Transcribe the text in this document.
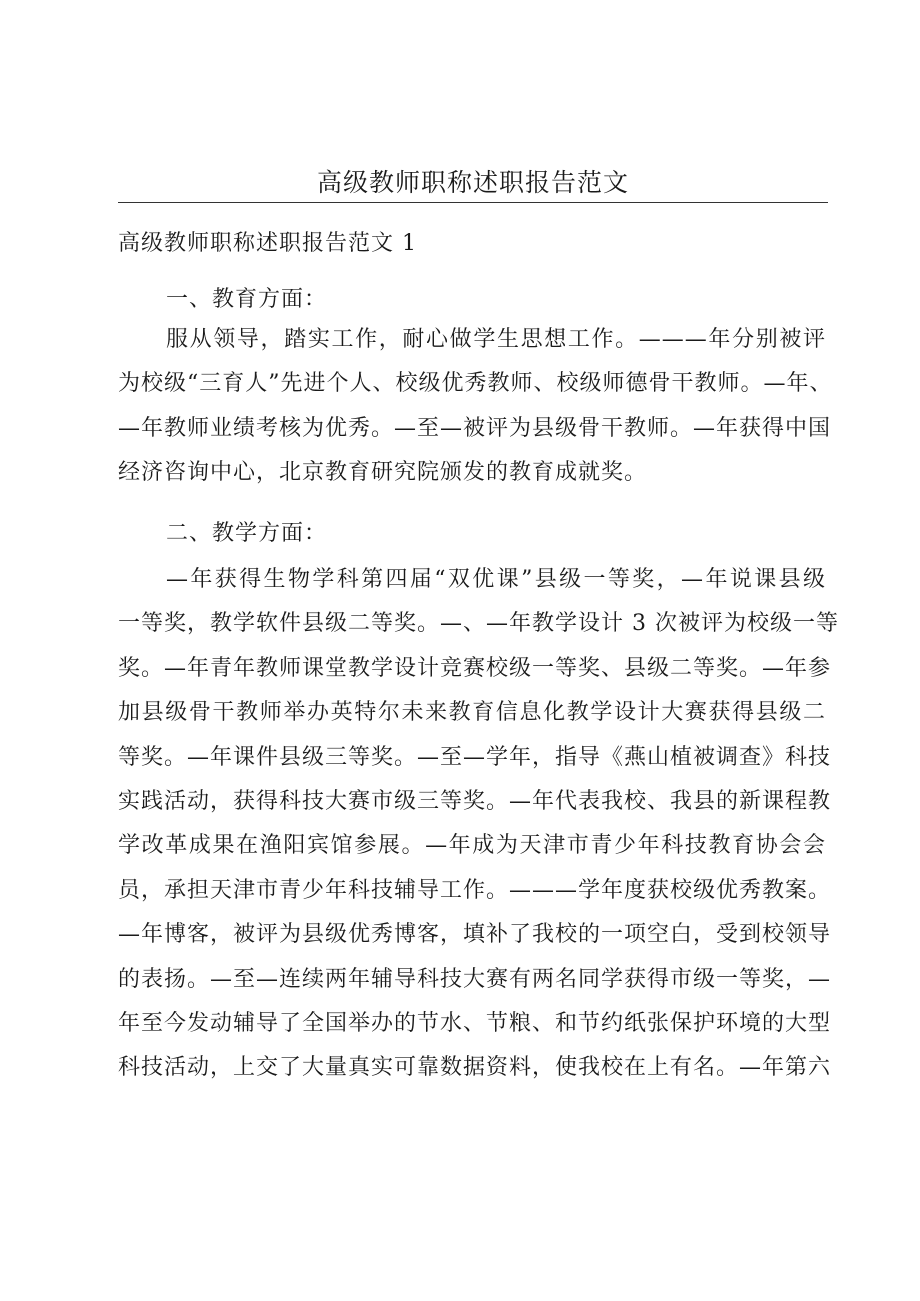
高级教师职称述职报告范文
高级教师职称述职报告范文 1
一、教育方面：
服从领导，踏实工作，耐心做学生思想工作。———年分别被评
为校级“三育人”先进个人、校级优秀教师、校级师德骨干教师。—年、
—年教师业绩考核为优秀。—至—被评为县级骨干教师。—年获得中国
经济咨询中心，北京教育研究院颁发的教育成就奖。
二、教学方面：
—年获得生物学科第四届“双优课”县级一等奖，—年说课县级
一等奖，教学软件县级二等奖。—、—年教学设计 3 次被评为校级一等
奖。—年青年教师课堂教学设计竞赛校级一等奖、县级二等奖。—年参
加县级骨干教师举办英特尔未来教育信息化教学设计大赛获得县级二
等奖。—年课件县级三等奖。—至—学年，指导《燕山植被调查》科技
实践活动，获得科技大赛市级三等奖。—年代表我校、我县的新课程教
学改革成果在渔阳宾馆参展。—年成为天津市青少年科技教育协会会
员，承担天津市青少年科技辅导工作。———学年度获校级优秀教案。
—年博客，被评为县级优秀博客，填补了我校的一项空白，受到校领导
的表扬。—至—连续两年辅导科技大赛有两名同学获得市级一等奖，—
年至今发动辅导了全国举办的节水、节粮、和节约纸张保护环境的大型
科技活动，上交了大量真实可靠数据资料，使我校在上有名。—年第六
